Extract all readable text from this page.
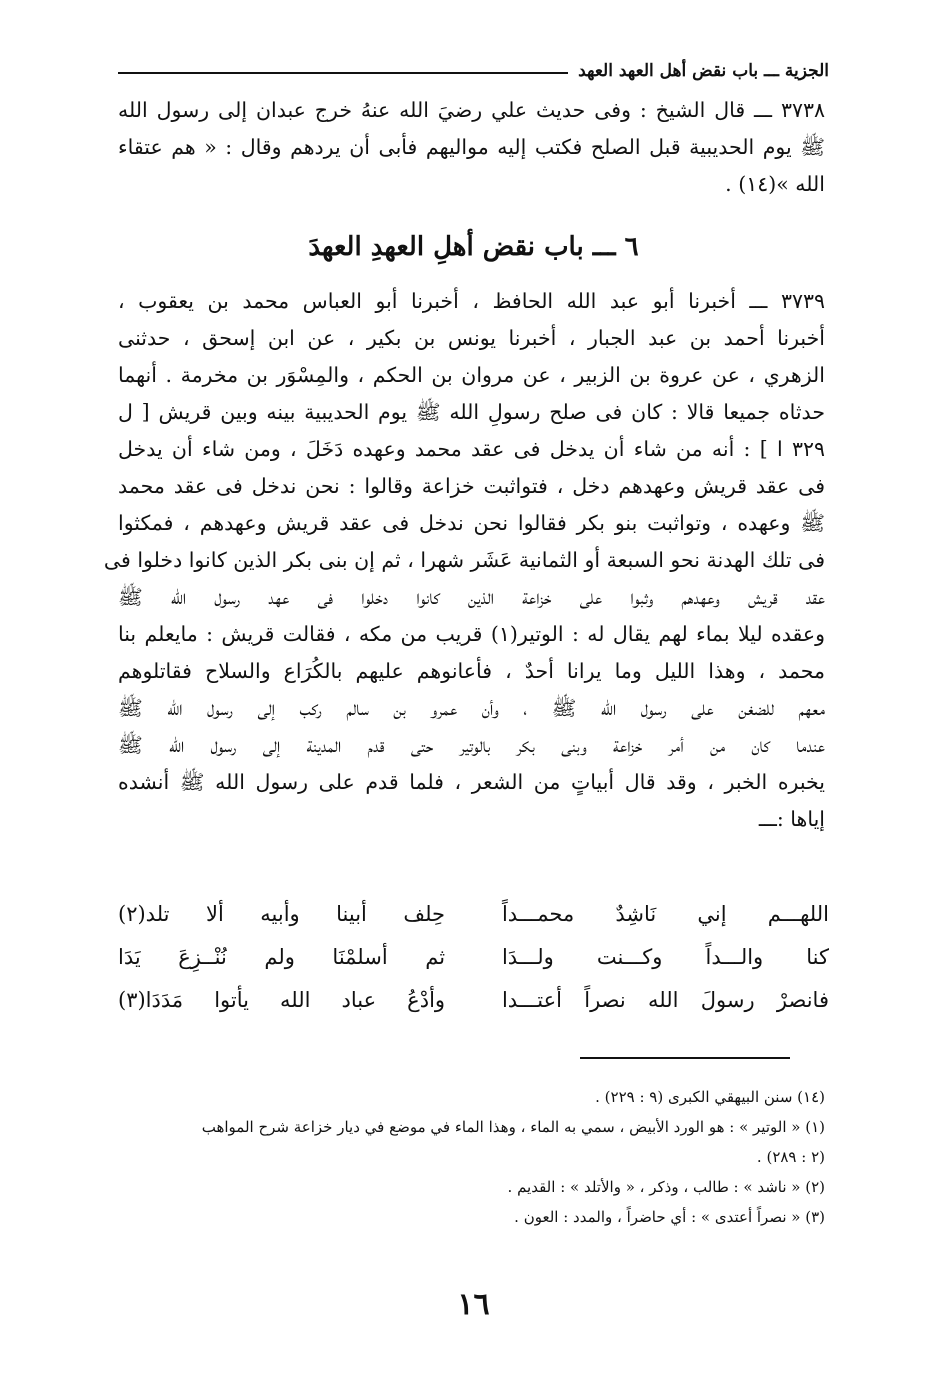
الجزية ـــ باب نقض أهل العهد العهد
٣٧٣٨ ـــ قال الشيخ : وفى حديث علي رضيَ الله عنهُ خرج عبدان إلى رسول الله
ﷺ يوم الحديبية قبل الصلح فكتب إليه مواليهم فأبى أن يردهم وقال : « هم عتقاء
الله »(١٤) .
٦ ـــ باب نقض أهلِ العهدِ العهدَ
٣٧٣٩ ـــ أخبرنا أبو عبد الله الحافظ ، أخبرنا أبو العباس محمد بن يعقوب ،
أخبرنا أحمد بن عبد الجبار ، أخبرنا يونس بن بكير ، عن ابن إسحق ، حدثنى
الزهري ، عن عروة بن الزبير ، عن مروان بن الحكم ، والمِسْوَر بن مخرمة . أنهما
حدثاه جميعا قالا : كان فى صلح رسولِ الله ﷺ يوم الحديبية بينه وبين قريش [ ل
٣٢٩ ا ] : أنه من شاء أن يدخل فى عقد محمد وعهده دَخَلَ ، ومن شاء أن يدخل
فى عقد قريش وعهدهم دخل ، فتواثبت خزاعة وقالوا : نحن ندخل فى عقد محمد
ﷺ وعهده ، وتواثبت بنو بكر فقالوا نحن ندخل فى عقد قريش وعهدهم ، فمكثوا
فى تلك الهدنة نحو السبعة أو الثمانية عَشَر شهرا ، ثم إن بنى بكر الذين كانوا دخلوا فى
عقد قريش وعهدهم وثبوا على خزاعة الذين كانوا دخلوا فى عهد رسول الله ﷺ
وعقده ليلا بماء لهم يقال له : الوتير(١) قريب من مكه ، فقالت قريش : مايعلم بنا
محمد ، وهذا الليل وما يرانا أحدٌ ، فأعانوهم عليهم بالكُرَاع والسلاح فقاتلوهم
معهم للضغن على رسول الله ﷺ ، وأن عمرو بن سالم ركب إلى رسول الله ﷺ
عندما كان من أمر خزاعة وبنى بكر بالوتير حتى قدم المدينة إلى رسول الله ﷺ
يخبره الخبر ، وقد قال أبياتٍ من الشعر ، فلما قدم على رسول الله ﷺ أنشده
إياها :ـــ
اللهـــم إني نَاشِدٌ محمـــداً
حِلف أبينا وأبيه ألا تلد(٢)
كنا والـــداً وكـــنت ولـــدَا
ثم أسلمْنَا ولم نُنْــزِعَ يَدَا
فانصرْ رسولَ الله نصراً أعتـــدا
وأدْعُ عباد الله يأتوا مَدَدَا(٣)
(١٤) سنن البيهقي الكبرى (٩ : ٢٢٩) .
(١) « الوتير » : هو الورد الأبيض ، سمي به الماء ، وهذا الماء في موضع في ديار خزاعة شرح المواهب
(٢ : ٢٨٩) .
(٢) « ناشد » : طالب ، وذكر ، « والأتلد » : القديم .
(٣) « نصراً أعتدى » : أي حاضراً ، والمدد : العون .
١٦
